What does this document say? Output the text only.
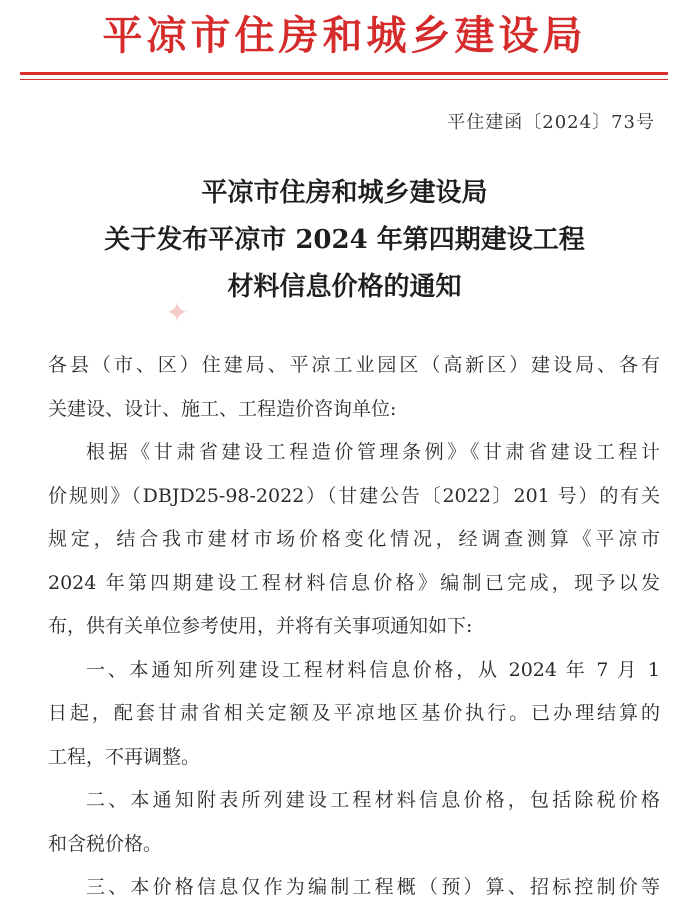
平凉市住房和城乡建设局
平住建函〔2024〕73号
平凉市住房和城乡建设局
关于发布平凉市 2024 年第四期建设工程
材料信息价格的通知
✦
各县（市、区）住建局、平凉工业园区（高新区）建设局、各有
关建设、设计、施工、工程造价咨询单位:
根据《甘肃省建设工程造价管理条例》《甘肃省建设工程计
价规则》（DBJD25-98-2022）（甘建公告〔2022〕201 号）的有关
规定，结合我市建材市场价格变化情况，经调查测算《平凉市
2024 年第四期建设工程材料信息价格》编制已完成，现予以发
布，供有关单位参考使用，并将有关事项通知如下:
一、本通知所列建设工程材料信息价格，从 2024 年 7 月 1
日起，配套甘肃省相关定额及平凉地区基价执行。已办理结算的
工程，不再调整。
二、本通知附表所列建设工程材料信息价格，包括除税价格
和含税价格。
三、本价格信息仅作为编制工程概（预）算、招标控制价等
